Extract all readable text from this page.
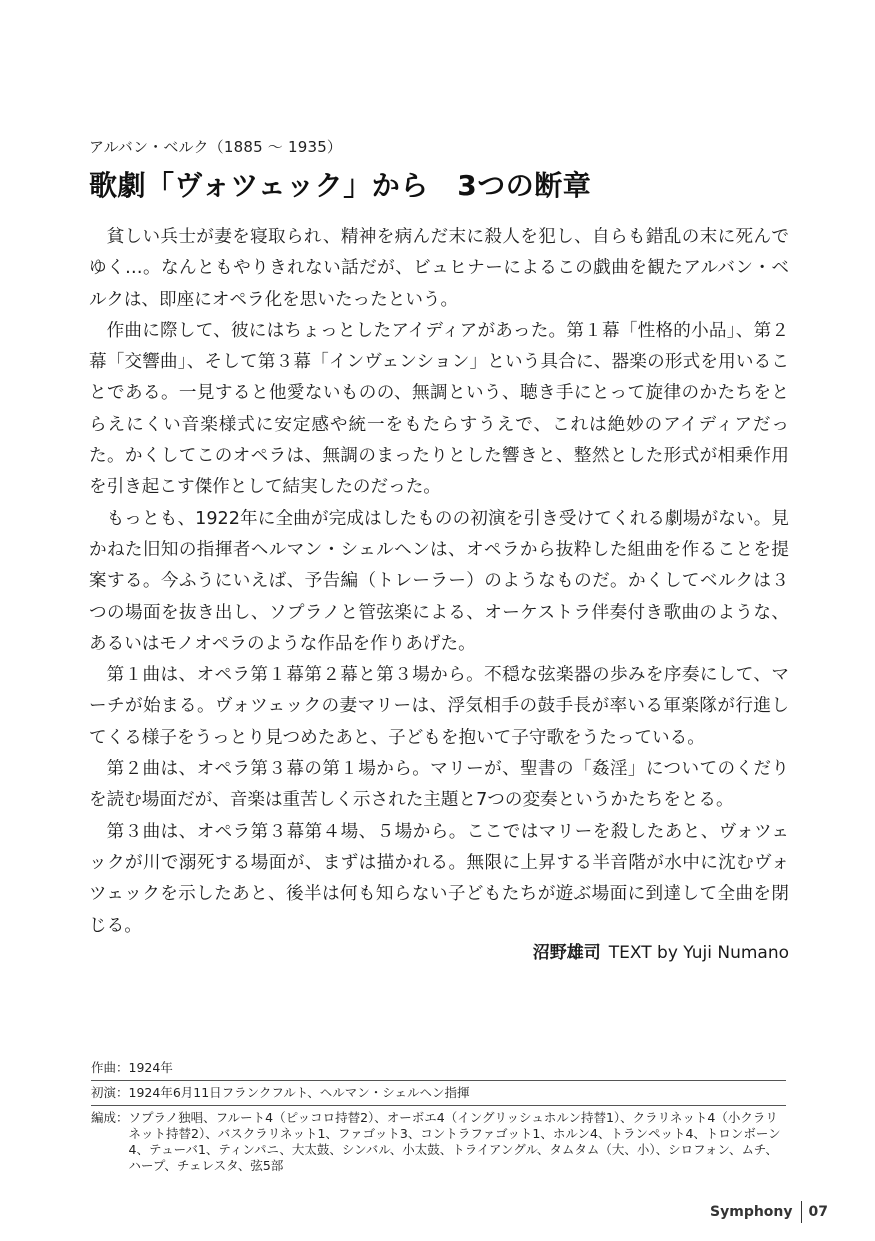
アルバン・ベルク（1885 ～ 1935）
歌劇「ヴォツェック」から　3つの断章

貧しい兵士が妻を寝取られ、精神を病んだ末に殺人を犯し、自らも錯乱の末に死んでゆく…。なんともやりきれない話だが、ビュヒナーによるこの戯曲を観たアルバン・ベルクは、即座にオペラ化を思いたったという。

作曲に際して、彼にはちょっとしたアイディアがあった。第１幕「性格的小品」、第２幕「交響曲」、そして第３幕「インヴェンション」という具合に、器楽の形式を用いることである。一見すると他愛ないものの、無調という、聴き手にとって旋律のかたちをとらえにくい音楽様式に安定感や統一をもたらすうえで、これは絶妙のアイディアだった。かくしてこのオペラは、無調のまったりとした響きと、整然とした形式が相乗作用を引き起こす傑作として結実したのだった。

もっとも、1922年に全曲が完成はしたものの初演を引き受けてくれる劇場がない。見かねた旧知の指揮者ヘルマン・シェルヘンは、オペラから抜粋した組曲を作ることを提案する。今ふうにいえば、予告編（トレーラー）のようなものだ。かくしてベルクは３つの場面を抜き出し、ソプラノと管弦楽による、オーケストラ伴奏付き歌曲のような、あるいはモノオペラのような作品を作りあげた。

第１曲は、オペラ第１幕第２幕と第３場から。不穏な弦楽器の歩みを序奏にして、マーチが始まる。ヴォツェックの妻マリーは、浮気相手の鼓手長が率いる軍楽隊が行進してくる様子をうっとり見つめたあと、子どもを抱いて子守歌をうたっている。

第２曲は、オペラ第３幕の第１場から。マリーが、聖書の「姦淫」についてのくだりを読む場面だが、音楽は重苦しく示された主題と7つの変奏というかたちをとる。

第３曲は、オペラ第３幕第４場、５場から。ここではマリーを殺したあと、ヴォツェックが川で溺死する場面が、まずは描かれる。無限に上昇する半音階が水中に沈むヴォツェックを示したあと、後半は何も知らない子どもたちが遊ぶ場面に到達して全曲を閉じる。

沼野雄司 TEXT by Yuji Numano
作曲： 1924年
初演： 1924年6月11日フランクフルト、ヘルマン・シェルヘン指揮
編成： ソプラノ独唱、フルート4（ピッコロ持替2）、オーボエ4（イングリッシュホルン持替1）、クラリネット4（小クラリネット持替2）、バスクラリネット1、ファゴット3、コントラファゴット1、ホルン4、トランペット4、トロンボーン4、テューバ1、ティンパニ、大太鼓、シンバル、小太鼓、トライアングル、タムタム（大、小）、シロフォン、ムチ、ハープ、チェレスタ、弦5部
Symphony 07
